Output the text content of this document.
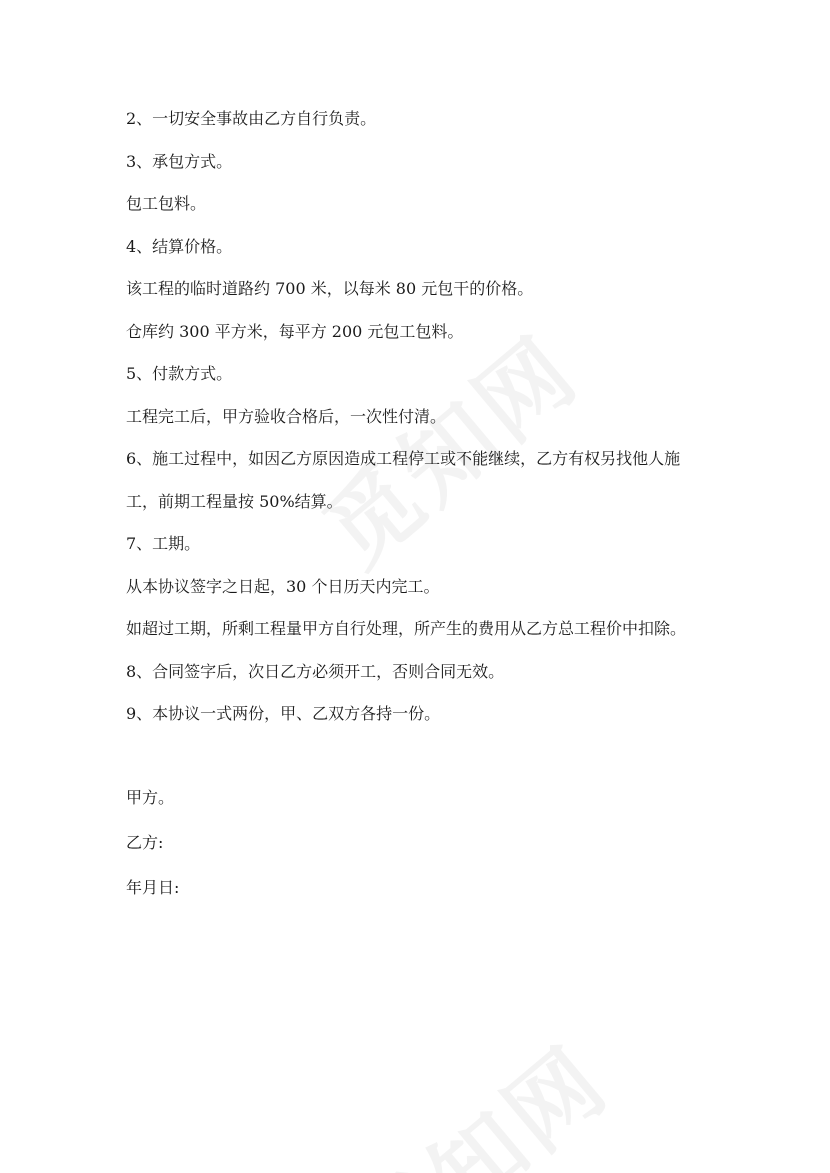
2、一切安全事故由乙方自行负责。
3、承包方式。
包工包料。
4、结算价格。
该工程的临时道路约 700 米，以每米 80 元包干的价格。
仓库约 300 平方米，每平方 200 元包工包料。
5、付款方式。
工程完工后，甲方验收合格后，一次性付清。
6、施工过程中，如因乙方原因造成工程停工或不能继续，乙方有权另找他人施
工，前期工程量按 50%结算。
7、工期。
从本协议签字之日起，30 个日历天内完工。
如超过工期，所剩工程量甲方自行处理，所产生的费用从乙方总工程价中扣除。
8、合同签字后，次日乙方必须开工，否则合同无效。
9、本协议一式两份，甲、乙双方各持一份。
甲方。
乙方:
年月日:
